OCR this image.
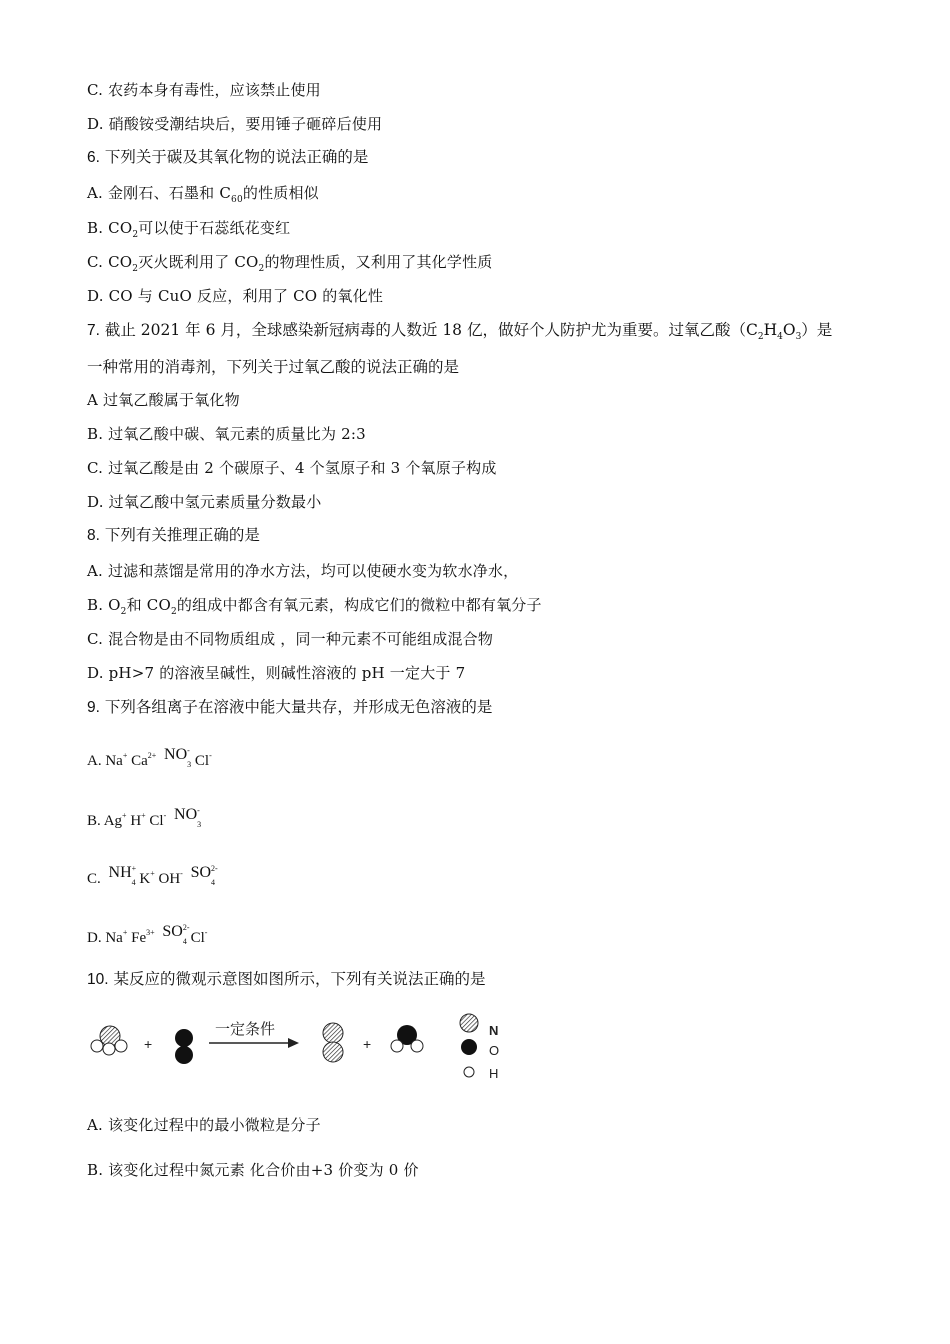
C. 农药本身有毒性，应该禁止使用
D. 硝酸铵受潮结块后，要用锤子砸碎后使用
6. 下列关于碳及其氧化物的说法正确的是
A. 金刚石、石墨和 $C_{60}$的性质相似
B. $CO_2$可以使于石蕊纸花变红
C. $CO_2$灭火既利用了 $CO_2$的物理性质，又利用了其化学性质
D. CO 与 CuO 反应，利用了 CO 的氧化性
7. 截止 2021 年 6 月，全球感染新冠病毒的人数近 18 亿，做好个人防护尤为重要。过氧乙酸$(C_2H_4O_3)$是
一种常用的消毒剂，下列关于过氧乙酸的说法正确的是
A 过氧乙酸属于氧化物
B. 过氧乙酸中碳、氧元素的质量比为 2:3
C. 过氧乙酸是由 2 个碳原子、4 个氢原子和 3 个氧原子构成
D. 过氧乙酸中氢元素质量分数最小
8. 下列有关推理正确的是
A. 过滤和蒸馏是常用的净水方法，均可以使硬水变为软水净水，
B. $O_2$和 $CO_2$的组成中都含有氧元素，构成它们的微粒中都有氧分子
C. 混合物是由不同物质组成 ，同一种元素不可能组成混合物
D. pH>7 的溶液呈碱性，则碱性溶液的 pH 一定大于 7
9. 下列各组离子在溶液中能大量共存，并形成无色溶液的是
A. Na+ $Ca^{2+}$ NO -
3 Cl-
B. Ag+ H+ Cl- NO -
3
C. NH +
4 K+ OH- SO 2-
4
D. Na+ $Fe^{3+}$ SO 2-
4 Cl-
10. 某反应的微观示意图如图所示，下列有关说法正确的是
+
一定条件
+
N
O
H
A. 该变化过程中的最小微粒是分子
B. 该变化过程中氮元素 化合价由+3 价变为 0 价
